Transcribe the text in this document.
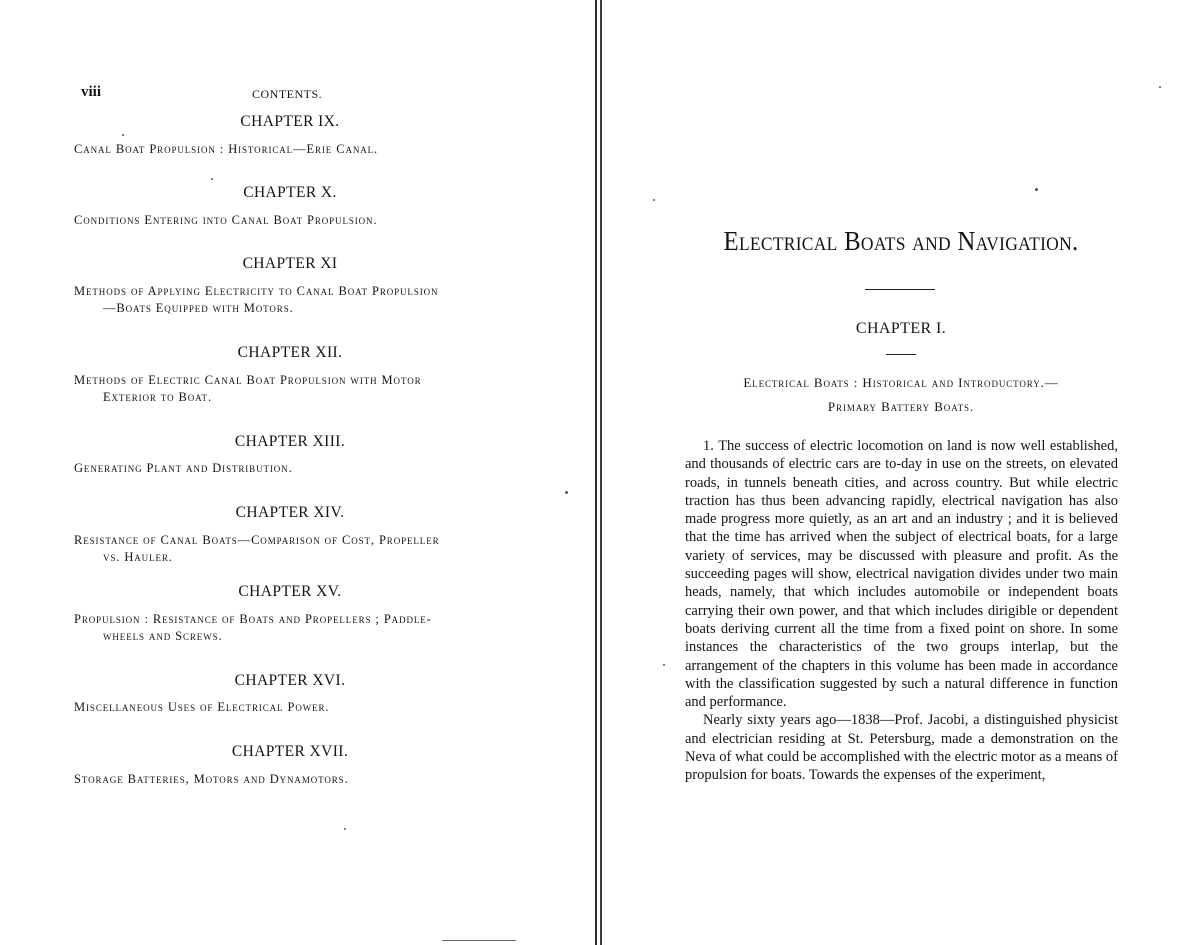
viii	CONTENTS.
CHAPTER IX.
Canal Boat Propulsion : Historical—Erie Canal.
CHAPTER X.
Conditions Entering into Canal Boat Propulsion.
CHAPTER XI
Methods of Applying Electricity to Canal Boat Propulsion
—Boats Equipped with Motors.
CHAPTER XII.
Methods of Electric Canal Boat Propulsion with Motor
Exterior to Boat.
CHAPTER XIII.
Generating Plant and Distribution.
CHAPTER XIV.
Resistance of Canal Boats—Comparison of Cost, Propeller
vs. Hauler.
CHAPTER XV.
Propulsion : Resistance of Boats and Propellers ; Paddle-
wheels and Screws.
CHAPTER XVI.
Miscellaneous Uses of Electrical Power.
CHAPTER XVII.
Storage Batteries, Motors and Dynamotors.
Electrical Boats and Navigation.
CHAPTER I.
Electrical Boats : Historical and Introductory.—
Primary Battery Boats.

1. The success of electric locomotion on land is now well established, and thousands of electric cars are to-day in use on the streets, on elevated roads, in tunnels beneath cities, and across country. But while electric traction has thus been advancing rapidly, electrical navigation has also made progress more quietly, as an art and an industry ; and it is believed that the time has arrived when the subject of electrical boats, for a large variety of services, may be discussed with pleasure and profit. As the succeeding pages will show, electrical navigation divides under two main heads, namely, that which includes automobile or independent boats carrying their own power, and that which includes dirigible or dependent boats deriving current all the time from a fixed point on shore. In some instances the characteristics of the two groups interlap, but the arrangement of the chapters in this volume has been made in accordance with the classification suggested by such a natural difference in function and performance.

Nearly sixty years ago—1838—Prof. Jacobi, a distinguished physicist and electrician residing at St. Petersburg, made a demonstration on the Neva of what could be accomplished with the electric motor as a means of propulsion for boats. Towards the expenses of the experiment,
